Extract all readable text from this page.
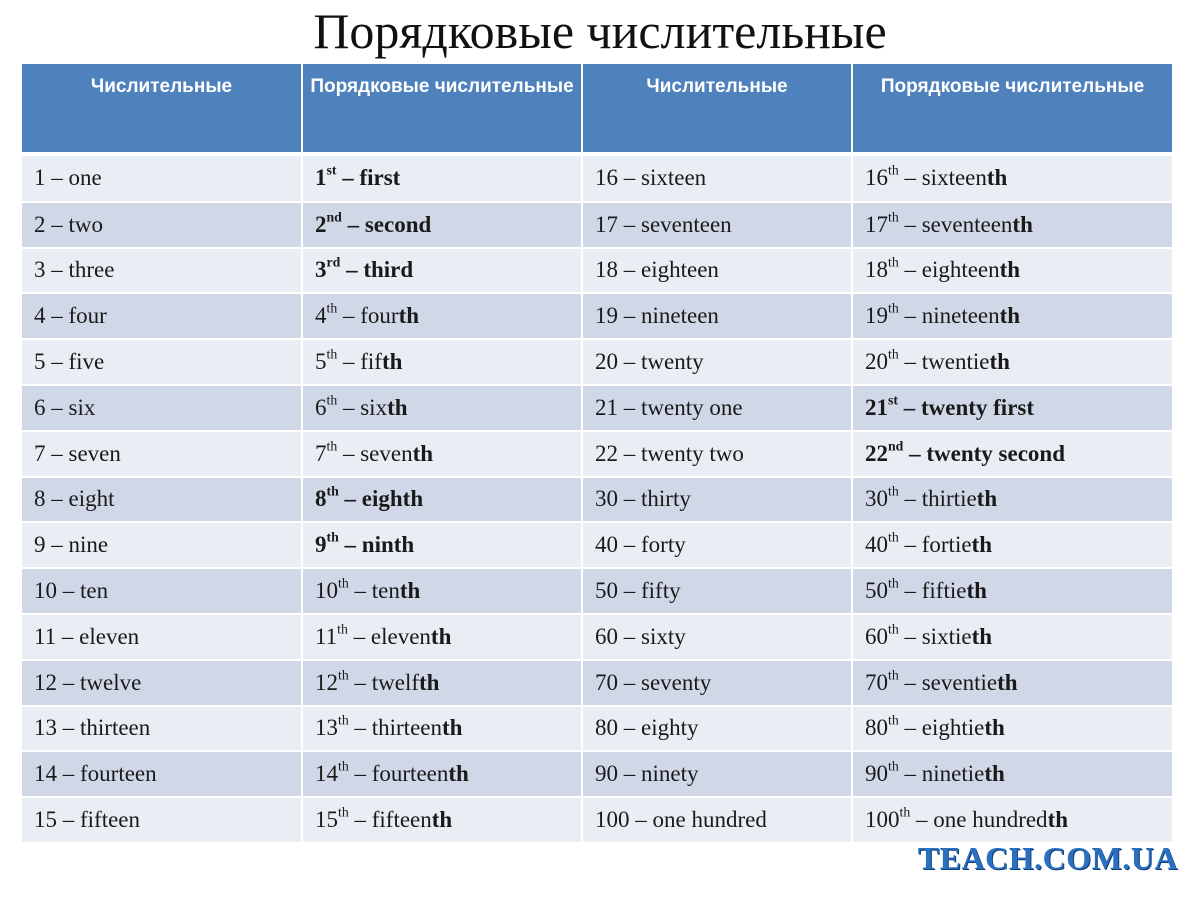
Порядковые числительные
Числительные	Порядковые числительные	Числительные	Порядковые числительные

1 – one	1st – first	16 – sixteen	16th – sixteenth
2 – two	2nd – second	17 – seventeen	17th – seventeenth
3 – three	3rd – third	18 – eighteen	18th – eighteenth
4 – four	4th – fourth	19 – nineteen	19th – nineteenth
5 – five	5th – fifth	20 – twenty	20th – twentieth
6 – six	6th – sixth	21 – twenty one	21st – twenty first
7 – seven	7th – seventh	22 – twenty two	22nd – twenty second
8 – eight	8th – eighth	30 – thirty	30th – thirtieth
9 – nine	9th – ninth	40 – forty	40th – fortieth
10 – ten	10th – tenth	50 – fifty	50th – fiftieth
11 – eleven	11th – eleventh	60 – sixty	60th – sixtieth
12 – twelve	12th – twelfth	70 – seventy	70th – seventieth
13 – thirteen	13th – thirteenth	80 – eighty	80th – eightieth
14 – fourteen	14th – fourteenth	90 – ninety	90th – ninetieth
15 – fifteen	15th – fifteenth	100 – one hundred	100th – one hundredth
TEACH.COM.UA
